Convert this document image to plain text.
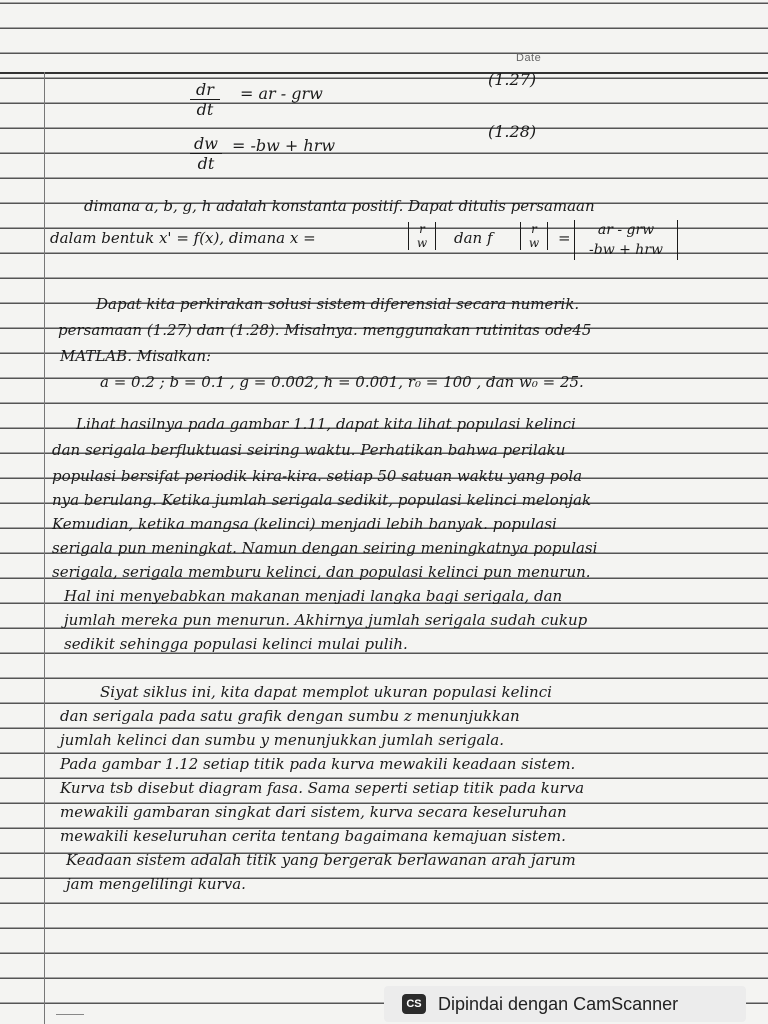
Date
$\frac{dr}{dt}$ = ar - grw
(1.27)
$\frac{dw}{dt} = -bw$ + hrw
(1.28)
dimana a, b, g, h adalah konstanta positif. Dapat ditulis persamaan
dalam bentuk x' = f(x), dimana x =	r
w dan f	r
w =	ar - grw
-bw + hrw
Dapat kita perkirakan solusi sistem diferensial secara numerik.
persamaan (1.27) dan (1.28). Misalnya. menggunakan rutinitas ode45
MATLAB. Misalkan:
a = 0.2 ; b = 0.1 , g = 0.002, h = 0.001, r₀ = 100 , dan w₀ = 25.
Lihat hasilnya pada gambar 1.11, dapat kita lihat populasi kelinci
dan serigala berfluktuasi seiring waktu. Perhatikan bahwa perilaku
populasi bersifat periodik kira-kira. setiap 50 satuan waktu yang pola
nya berulang. Ketika jumlah serigala sedikit, populasi kelinci melonjak
Kemudian, ketika mangsa (kelinci) menjadi lebih banyak. populasi
serigala pun meningkat. Namun dengan seiring meningkatnya populasi
serigala, serigala memburu kelinci, dan populasi kelinci pun menurun.
Hal ini menyebabkan makanan menjadi langka bagi serigala, dan
jumlah mereka pun menurun. Akhirnya jumlah serigala sudah cukup
sedikit sehingga populasi kelinci mulai pulih.
Siyat siklus ini, kita dapat memplot ukuran populasi kelinci
dan serigala pada satu grafik dengan sumbu z menunjukkan
jumlah kelinci dan sumbu y menunjukkan jumlah serigala.
Pada gambar 1.12 setiap titik pada kurva mewakili keadaan sistem.
Kurva tsb disebut diagram fasa. Sama seperti setiap titik pada kurva
mewakili gambaran singkat dari sistem, kurva secara keseluruhan
mewakili keseluruhan cerita tentang bagaimana kemajuan sistem.
Keadaan sistem adalah titik yang bergerak berlawanan arah jarum
jam mengelilingi kurva.
CS Dipindai dengan CamScanner
